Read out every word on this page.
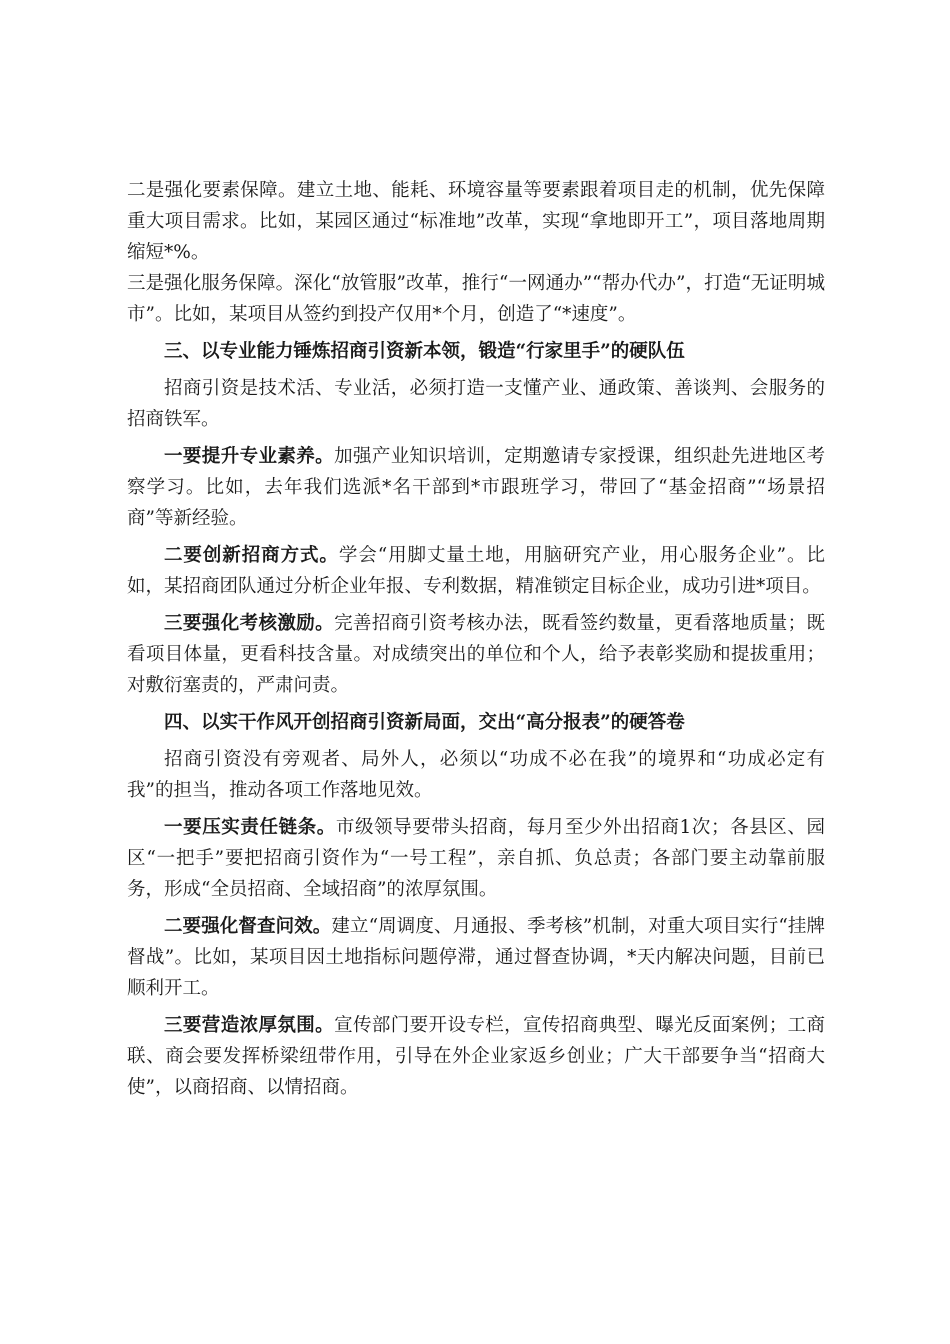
二是强化要素保障。建立土地、能耗、环境容量等要素跟着项目走的机制，优先保障重大项目需求。比如，某园区通过“标准地”改革，实现“拿地即开工”，项目落地周期缩短*%。

三是强化服务保障。深化“放管服”改革，推行“一网通办”“帮办代办”，打造“无证明城市”。比如，某项目从签约到投产仅用*个月，创造了“*速度”。

三、以专业能力锤炼招商引资新本领，锻造“行家里手”的硬队伍

招商引资是技术活、专业活，必须打造一支懂产业、通政策、善谈判、会服务的招商铁军。

一要提升专业素养。加强产业知识培训，定期邀请专家授课，组织赴先进地区考察学习。比如，去年我们选派*名干部到*市跟班学习，带回了“基金招商”“场景招商”等新经验。

二要创新招商方式。学会“用脚丈量土地，用脑研究产业，用心服务企业”。比如，某招商团队通过分析企业年报、专利数据，精准锁定目标企业，成功引进*项目。

三要强化考核激励。完善招商引资考核办法，既看签约数量，更看落地质量；既看项目体量，更看科技含量。对成绩突出的单位和个人，给予表彰奖励和提拔重用；对敷衍塞责的，严肃问责。

四、以实干作风开创招商引资新局面，交出“高分报表”的硬答卷

招商引资没有旁观者、局外人，必须以“功成不必在我”的境界和“功成必定有我”的担当，推动各项工作落地见效。

一要压实责任链条。市级领导要带头招商，每月至少外出招商1次；各县区、园区“一把手”要把招商引资作为“一号工程”，亲自抓、负总责；各部门要主动靠前服务，形成“全员招商、全域招商”的浓厚氛围。

二要强化督查问效。建立“周调度、月通报、季考核”机制，对重大项目实行“挂牌督战”。比如，某项目因土地指标问题停滞，通过督查协调，*天内解决问题，目前已顺利开工。

三要营造浓厚氛围。宣传部门要开设专栏，宣传招商典型、曝光反面案例；工商联、商会要发挥桥梁纽带作用，引导在外企业家返乡创业；广大干部要争当“招商大使”，以商招商、以情招商。
